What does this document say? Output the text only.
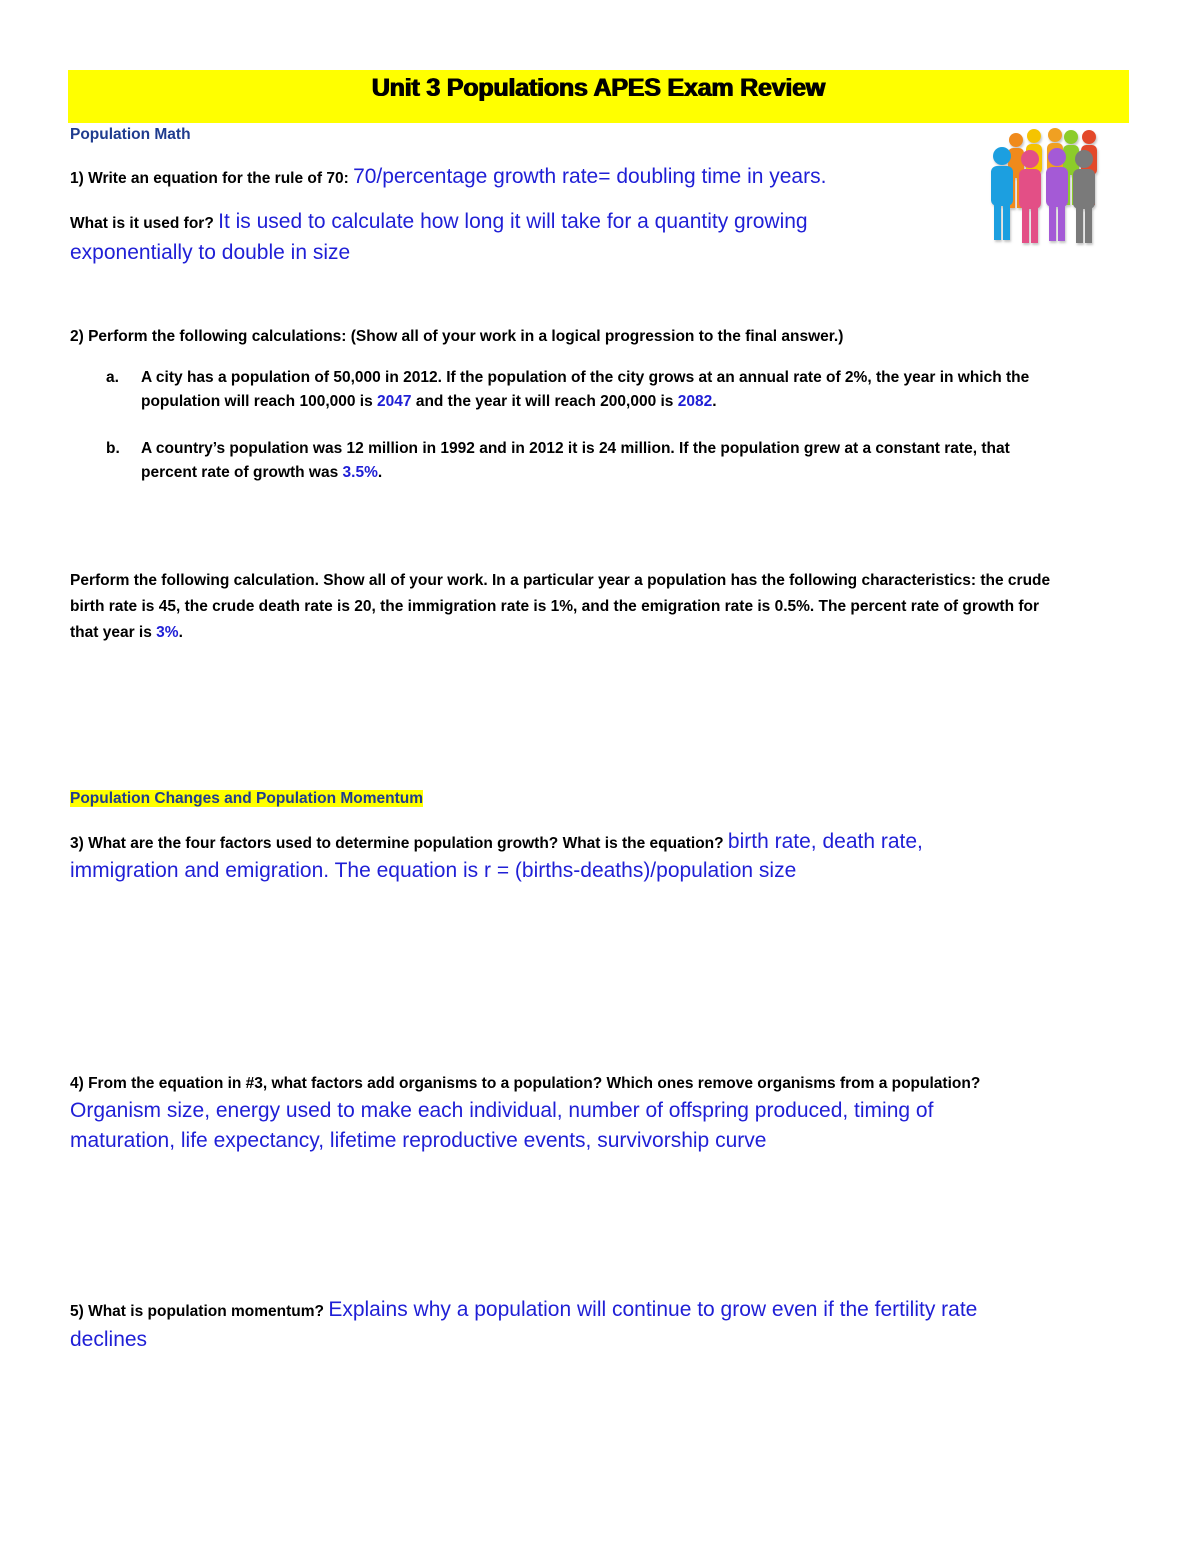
Unit 3 Populations APES Exam Review
Population Math
1) Write an equation for the rule of 70: 70/percentage growth rate= doubling time in years.
What is it used for? It is used to calculate how long it will take for a quantity growing
exponentially to double in size
2) Perform the following calculations: (Show all of your work in a logical progression to the final answer.)
a. A city has a population of 50,000 in 2012. If the population of the city grows at an annual rate of 2%, the year in which the
population will reach 100,000 is 2047 and the year it will reach 200,000 is 2082.
b. A country’s population was 12 million in 1992 and in 2012 it is 24 million. If the population grew at a constant rate, that
percent rate of growth was 3.5%.
Perform the following calculation. Show all of your work. In a particular year a population has the following characteristics: the crude
birth rate is 45, the crude death rate is 20, the immigration rate is 1%, and the emigration rate is 0.5%. The percent rate of growth for
that year is 3%.
Population Changes and Population Momentum
3) What are the four factors used to determine population growth? What is the equation? birth rate, death rate,
immigration and emigration. The equation is r = (births-deaths)/population size
4) From the equation in #3, what factors add organisms to a population? Which ones remove organisms from a population?
Organism size, energy used to make each individual, number of offspring produced, timing of
maturation, life expectancy, lifetime reproductive events, survivorship curve
5) What is population momentum? Explains why a population will continue to grow even if the fertility rate
declines
